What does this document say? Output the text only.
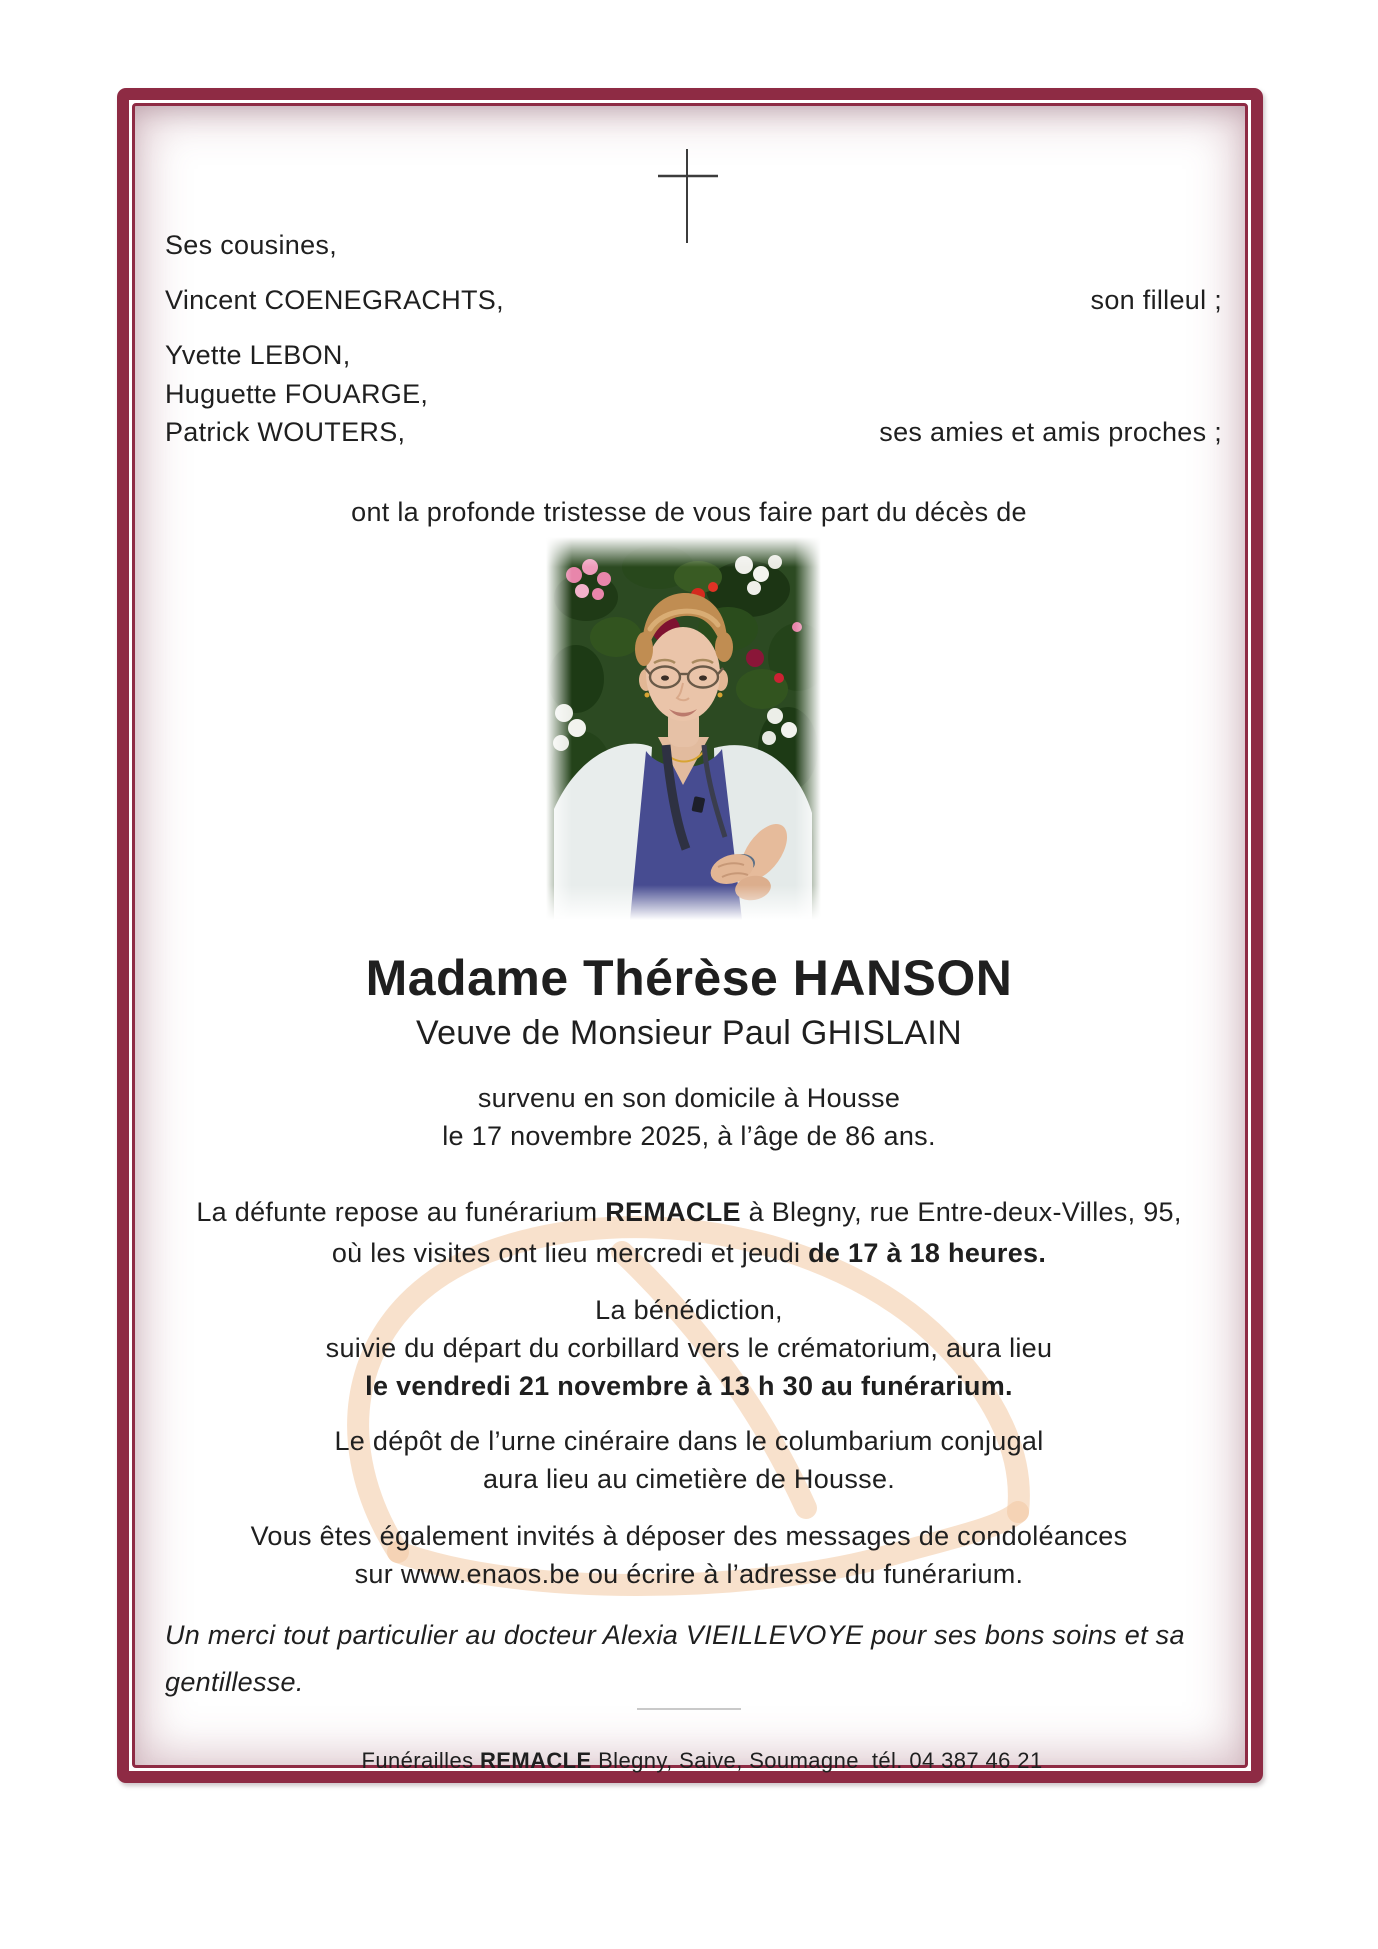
Ses cousines,
Vincent COENEGRACHTS,	son filleul ;
Yvette LEBON,
Huguette FOUARGE,
Patrick WOUTERS,	ses amies et amis proches ;
ont la profonde tristesse de vous faire part du décès de
Madame Thérèse HANSON
Veuve de Monsieur Paul GHISLAIN
survenu en son domicile à Housse
le 17 novembre 2025, à l’âge de 86 ans.
La défunte repose au funérarium REMACLE à Blegny, rue Entre-deux-Villes, 95,
où les visites ont lieu mercredi et jeudi de 17 à 18 heures.
La bénédiction,
suivie du départ du corbillard vers le crématorium, aura lieu
le vendredi 21 novembre à 13 h 30 au funérarium.
Le dépôt de l’urne cinéraire dans le columbarium conjugal
aura lieu au cimetière de Housse.
Vous êtes également invités à déposer des messages de condoléances
sur www.enaos.be ou écrire à l’adresse du funérarium.
Un merci tout particulier au docteur Alexia VIEILLEVOYE pour ses bons soins et sa gentillesse.

Funérailles REMACLE Blegny, Saive, Soumagne  tél. 04 387 46 21
